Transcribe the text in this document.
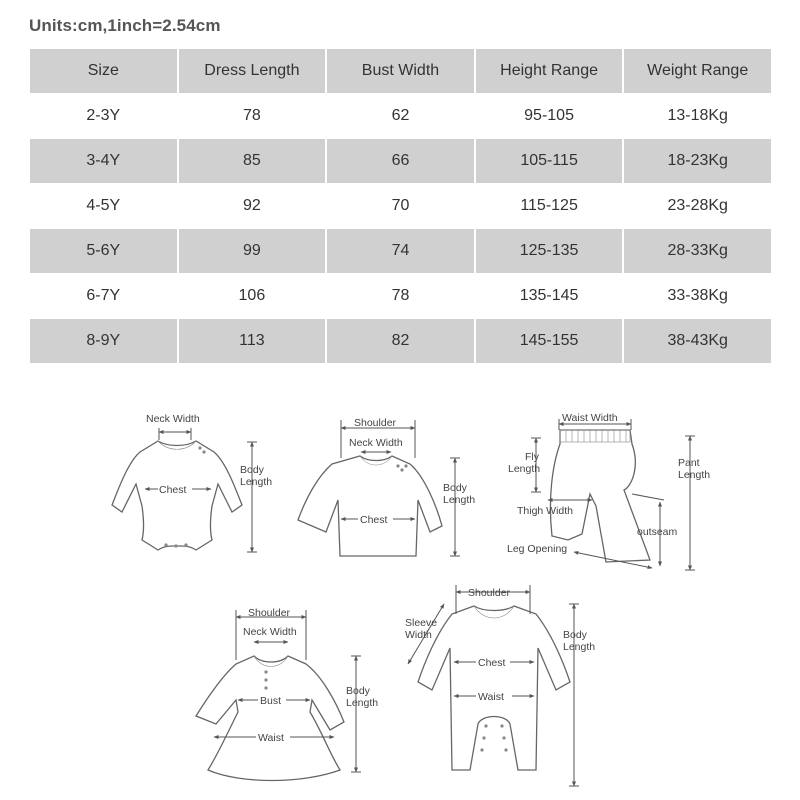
Units:cm,1inch=2.54cm
Size	Dress Length	Bust Width	Height Range	Weight Range
2-3Y	78	62	95-105	13-18Kg
3-4Y	85	66	105-115	18-23Kg
4-5Y	92	70	115-125	23-28Kg
5-6Y	99	74	125-135	28-33Kg
6-7Y	106	78	135-145	33-38Kg
8-9Y	113	82	145-155	38-43Kg
Neck Width
Chest
Body
Length
Shoulder
Neck Width
Chest
Body
Length
Waist Width
Fly
Length	Pant
Length
Thigh Width
outseam
Leg Opening
Shoulder
Neck Width
Bust
Waist
Body
Length
Shoulder
Sleeve
Width
Chest
Waist
Body
Length
